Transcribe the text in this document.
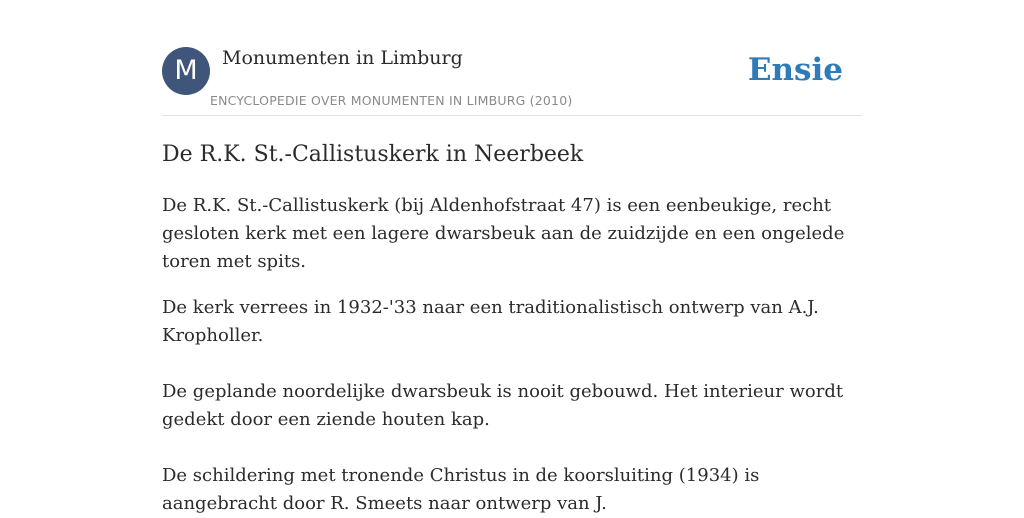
M	Monumenten in Limburg
ENCYCLOPEDIE OVER MONUMENTEN IN LIMBURG (2010)
Ensie
De R.K. St.-Callistuskerk in Neerbeek

De R.K. St.-Callistuskerk (bij Aldenhofstraat 47) is een eenbeukige, recht gesloten kerk met een lagere dwarsbeuk aan de zuidzijde en een ongelede toren met spits.

De kerk verrees in 1932-'33 naar een traditionalistisch ontwerp van A.J. Kropholler.

De geplande noordelijke dwarsbeuk is nooit gebouwd. Het interieur wordt gedekt door een ziende houten kap.

De schildering met tronende Christus in de koorsluiting (1934) is aangebracht door R. Smeets naar ontwerp van J.
